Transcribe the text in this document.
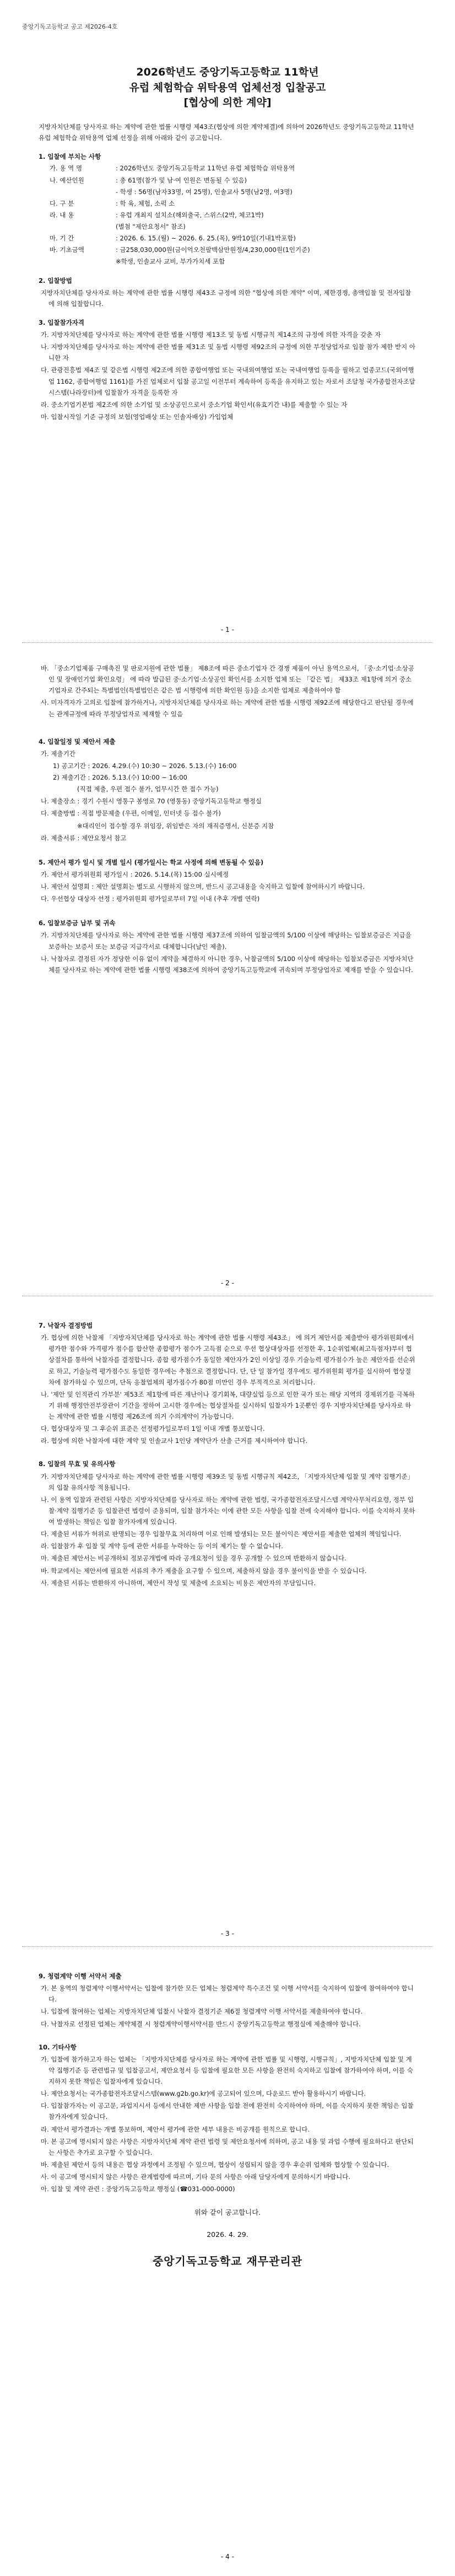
중앙기독고등학교 공고 제2026-4호
2026학년도 중앙기독고등학교 11학년
유럽 체험학습 위탁용역 업체선정 입찰공고
[협상에 의한 계약]
지방자치단체를 당사자로 하는 계약에 관한 법률 시행령 제43조(협상에 의한 계약체결)에 의하여 2026학년도 중앙기독고등학교 11학년 유럽 체험학습 위탁용역 업체 선정을 위해 아래와 같이 공고합니다.
1. 입찰에 부치는 사항
가. 용 역 명	: 2026학년도 중앙기독고등학교 11학년 유럽 체험학습 위탁용역
나. 예산인원	: 총 61명(참가 및 남·여 인원은 변동될 수 있음)
- 학생 : 56명(남자33명, 여 25명), 인솔교사 5명(남2명, 여3명)
다. 구 분	: 학 육, 체험, 소퍽 소
라. 내 용	: 유럽 개최지 설치소(해외출국, 스위스(2박, 체코1박)
(별첨 "제안요청서" 참조)
마. 기 간	: 2026. 6. 15.(월) ~ 2026. 6. 25.(목), 9박10일(기내1박포함)
바. 기초금액	: 금258,030,000원(금이억오천팔백삼만원정/4,230,000원(1인기준)
※학생, 인솔교사 교비, 부가가치세 포함
2. 입찰방법
지방자치단체를 당사자로 하는 계약에 관한 법률 시행령 제43조 규정에 의한 "협상에 의한 계약" 이며, 제한경쟁, 총액입찰 및 전자입찰에 의해 입찰합니다.
3. 입찰참가자격
가. 지방자치단체를 당사자로 하는 계약에 관한 법률 시행령 제13조 및 동법 시행규칙 제14조의 규정에 의한 자격을 갖춘 자
나. 지방자치단체를 당사자로 하는 계약에 관한 법률 제31조 및 동법 시행령 제92조의 규정에 의한 부정당업자로 입찰 참가 제한 받지 아니한 자
다. 관광진흥법 제4조 및 같은법 시행령 제2조에 의한 종합여행업 또는 국내외여행업 또는 국내여행업 등록을 필하고 업종코드(국외여행업 1162, 종합여행업 1161)를 가진 업체로서 입찰 공고일 이전부터 계속하여 등록을 유지하고 있는 자로서 조달청 국가종합전자조달시스템(나라장터)에 입찰참가 자격을 등록한 자
라. 중소기업기본법 제2조에 의한 소기업 및 소상공인으로서 중소기업 확인서(유효기간 내)를 제출할 수 있는 자
마. 입찰시작일 기준 규정의 보험(영업배상 또는 인솔자배상) 가입업체
- 1 -
바. 「중소기업제품 구매촉진 및 판로지원에 관한 법률」 제8조에 따른 중소기업자 간 경쟁 제품이 아닌 용역으로서, 「중·소기업·소상공인 및 장애인기업 확인요령」 에 따라 발급된 중·소기업·소상공인 확인서를 소지한 업체 또는 「같은 법」 제33조 제1항에 의거 중소기업자로 간주되는 특별법인(특별법인은 같은 법 시행령에 의한 확인원 등)을 소지한 업체로 제출하여야 함
사. 미자격자가 고의로 입찰에 참가하거나, 지방자치단체를 당사자로 하는 계약에 관한 법률 시행령 제92조에 해당한다고 판단될 경우에는 관계규정에 따라 부정당업자로 제재할 수 있음
4. 입찰일정 및 제안서 제출
가. 제출기간
1) 공고기간 : 2026. 4.29.(수) 10:30 ~ 2026. 5.13.(수) 16:00
2) 제출기간 : 2026. 5.13.(수) 10:00 ~ 16:00
(직접 제출, 우편 접수 불가, 업무시간 한 접수 가능)
나. 제출장소 : 경기 수원시 영통구 봉영로 70 (영통동) 중앙기독고등학교 행정실
다. 제출방법 : 직접 방문제출 (우편, 이메일, 인터넷 등 접수 불가)
※대리인이 접수할 경우 위임장, 위임받은 자의 재직증명서, 신분증 지참
라. 제출서류 : 제안요청서 참고
5. 제안서 평가 일시 및 개별 일시 (평가일시는 학교 사정에 의해 변동될 수 있음)
가. 제안서 평가위원회 평가일시 : 2026. 5.14.(목) 15:00 실시예정
나. 제안서 설명회 : 제안 설명회는 별도로 시행하지 않으며, 반드시 공고내용을 숙지하고 입찰에 참여하시기 바랍니다.
다. 우선협상 대상자 선정 : 평가위원회 평가일로부터 7일 이내 (추후 개별 연락)
6. 입찰보증금 납부 및 귀속
가. 지방자치단체를 당사자로 하는 계약에 관한 법률 시행령 제37조에 의하여 입찰금액의 5/100 이상에 해당하는 입찰보증금은 지급을 보증하는 보증서 또는 보증금 지급각서로 대체합니다(날인 제출).
나. 낙찰자로 결정된 자가 정당한 이유 없이 계약을 체결하지 아니한 경우, 낙찰금액의 5/100 이상에 해당하는 입찰보증금은 지방자치단체를 당사자로 하는 계약에 관한 법률 시행령 제38조에 의하여 중앙기독고등학교에 귀속되며 부정당업자로 제재를 받을 수 있습니다.
- 2 -
7. 낙찰자 결정방법
가. 협상에 의한 낙찰제 「지방자치단체를 당사자로 하는 계약에 관한 법률 시행령 제43조」 에 의거 제안서를 제출받아 평가위원회에서 평가한 점수와 가격평가 점수를 합산한 종합평가 점수가 고득점 순으로 우선 협상대상자를 선정한 후, 1순위업체(최고득점자)부터 협상절차를 통하여 낙찰자를 결정합니다. 종합 평가점수가 동일한 제안자가 2인 이상일 경우 기술능력 평가점수가 높은 제안자를 선순위로 하고, 기술능력 평가점수도 동일한 경우에는 추첨으로 결정합니다. 단, 단 일 참가일 경우에도 평가위원회 평가를 실시하여 협상절차에 참가하실 수 있으며, 단독 응찰업체의 평가점수가 80점 미만인 경우 부적격으로 처리합니다.
나. '제안 및 인적관리 가부분' 제53조 제1항에 따른 재난이나 경기회복, 대량실업 등으로 인한 국가 또는 해당 지역의 경제위기를 극복하기 위해 행정안전부장관이 기간을 정하여 고시한 경우에는 협상절차를 실시하되 입찰자가 1곳뿐인 경우 지방자치단체를 당사자로 하는 계약에 관한 법률 시행령 제26조에 의거 수의계약이 가능합니다.
다. 협상대상자 및 그 후순위 표준은 선정평가일로부터 1일 이내 개별 통보합니다.
라. 협상에 의한 낙찰자에 대한 계약 및 인솔교사 1인당 계약단가 산출 근거를 제시하여야 합니다.
8. 입찰의 무효 및 유의사항
가. 지방자치단체를 당사자로 하는 계약에 관한 법률 시행령 제39조 및 동법 시행규칙 제42조, 「지방자치단체 입찰 및 계약 집행기준」 의 입찰 유의사항 적용됩니다.
나. 이 용역 입찰과 관련된 사항은 지방자치단체를 당사자로 하는 계약에 관한 법령, 국가종합전자조달시스템 계약사무처리요령, 정부 입찰·계약 집행기준 등 입찰관련 법령이 준용되며, 입찰 참가자는 이에 관한 모든 사항을 입찰 전에 숙지해야 합니다. 이를 숙지하지 못하여 발생하는 책임은 입찰 참가자에게 있습니다.
다. 제출된 서류가 허위로 판명되는 경우 입찰무효 처리하며 이로 인해 발생되는 모든 불이익은 제안서를 제출한 업체의 책임입니다.
라. 입찰참가 후 입찰 및 계약 등에 관한 서류를 누락하는 등 이의 제기는 할 수 없습니다.
마. 제출된 제안서는 비공개하되 정보공개법에 따라 공개요청이 있을 경우 공개할 수 있으며 반환하지 않습니다.
바. 학교에서는 제안서에 필요한 서류의 추가 제출을 요구할 수 있으며, 제출하지 않을 경우 불이익을 받을 수 있습니다.
사. 제출된 서류는 반환하지 아니하며, 제안서 작성 및 제출에 소요되는 비용은 제안자의 부담입니다.
- 3 -
9. 청렴계약 이행 서약서 제출
가. 본 용역의 청렴계약 이행서약서는 입찰에 참가한 모든 업체는 청렴계약 특수조건 및 이행 서약서를 숙지하여 입찰에 참여하여야 합니다.
나. 입찰에 참여하는 업체는 지방자치단체 입찰시 낙찰자 결정기준 제6절 청렴계약 이행 서약서를 제출하여야 합니다.
다. 낙찰자로 선정된 업체는 계약체결 시 청렴계약이행서약서를 반드시 중앙기독고등학교 행정실에 제출해야 합니다.
10. 기타사항
가. 입찰에 참가하고자 하는 업체는 「지방자치단체를 당사자로 하는 계약에 관한 법률 및 시행령, 시행규칙」, 지방자치단체 입찰 및 계약 집행기준 등 관련법규 및 입찰공고서, 제안요청서 등 입찰에 필요한 모든 사항을 완전히 숙지하고 입찰에 참가하여야 하며, 이를 숙지하지 못한 책임은 입찰자에게 있습니다.
나. 제안요청서는 국가종합전자조달시스템(www.g2b.go.kr)에 공고되어 있으며, 다운로드 받아 활용하시기 바랍니다.
다. 입찰참가자는 이 공고문, 과업지시서 등에서 안내한 제반 사항을 입찰 전에 완전히 숙지하여야 하며, 이를 숙지하지 못한 책임은 입찰참가자에게 있습니다.
라. 제안서 평가결과는 개별 통보하며, 제안서 평가에 관한 세부 내용은 비공개를 원칙으로 합니다.
마. 본 공고에 명시되지 않은 사항은 지방자치단체 계약 관련 법령 및 제안요청서에 의하며, 공고 내용 및 과업 수행에 필요하다고 판단되는 사항은 추가로 요구할 수 있습니다.
바. 제출된 제안서 등의 내용은 협상 과정에서 조정될 수 있으며, 협상이 성립되지 않을 경우 후순위 업체와 협상할 수 있습니다.
사. 이 공고에 명시되지 않은 사항은 관계법령에 따르며, 기타 문의 사항은 아래 담당자에게 문의하시기 바랍니다.
아. 입찰 및 계약 관련 : 중앙기독고등학교 행정실 (☎031-000-0000)
위와 같이 공고합니다.
2026. 4. 29.
중앙기독고등학교 재무관리관
- 4 -
